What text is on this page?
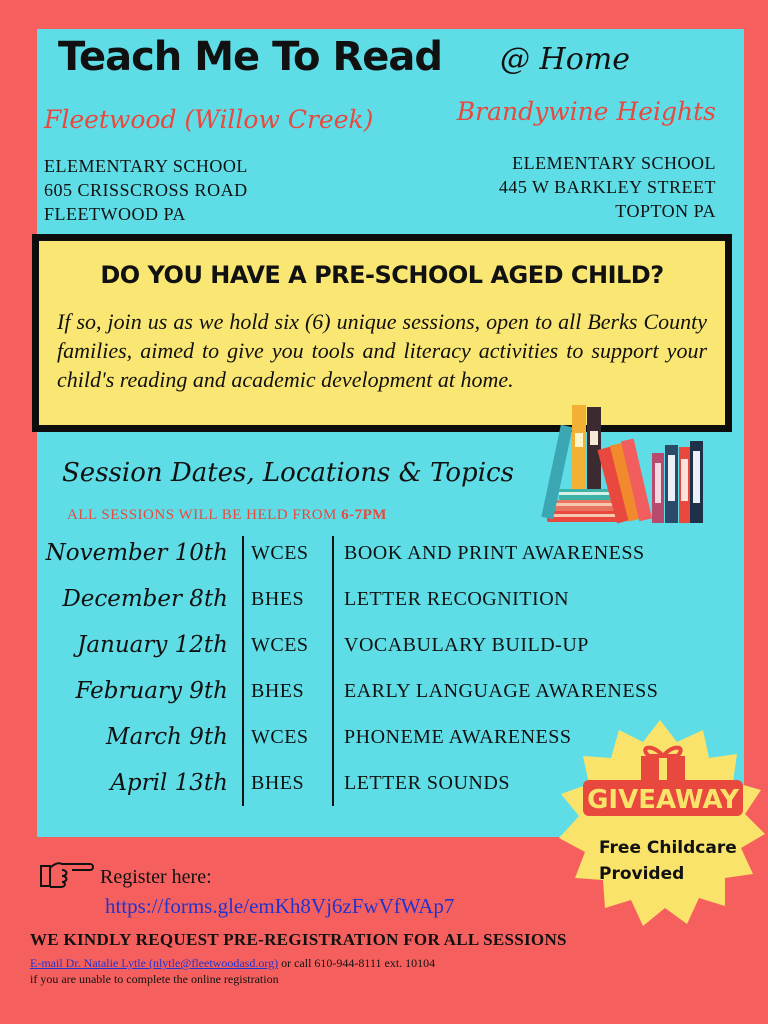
Teach Me To Read @ Home
Fleetwood (Willow Creek)	Brandywine Heights
ELEMENTARY SCHOOL
605 CRISSCROSS ROAD
FLEETWOOD PA
ELEMENTARY SCHOOL
445 W BARKLEY STREET
TOPTON PA
DO YOU HAVE A PRE-SCHOOL AGED CHILD?
If so, join us as we hold six (6) unique sessions, open to all Berks County families, aimed to give you tools and literacy activities to support your child's reading and academic development at home.
Session Dates, Locations & Topics
ALL SESSIONS WILL BE HELD FROM 6-7PM
November 10th WCES BOOK AND PRINT AWARENESS
December 8th BHES LETTER RECOGNITION
January 12th WCES VOCABULARY BUILD-UP
February 9th BHES EARLY LANGUAGE AWARENESS
March 9th WCES PHONEME AWARENESS
April 13th BHES LETTER SOUNDS
GIVEAWAY
Free Childcare
Provided
Register here:
https://forms.gle/emKh8Vj6zFwVfWAp7
WE KINDLY REQUEST PRE-REGISTRATION FOR ALL SESSIONS
E-mail Dr. Natalie Lytle (nlytle@fleetwoodasd.org) or call 610-944-8111 ext. 10104
if you are unable to complete the online registration
